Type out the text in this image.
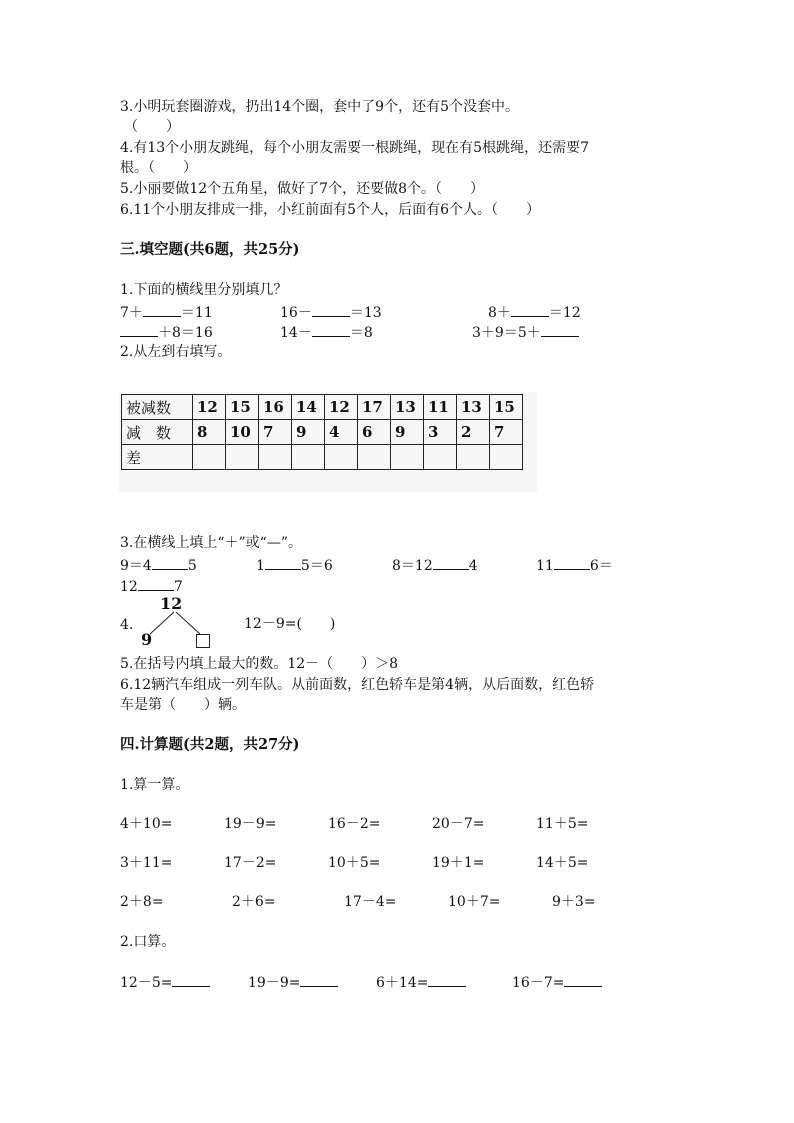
3.小明玩套圈游戏，扔出14个圈，套中了9个，还有5个没套中。
（　　）
4.有13个小朋友跳绳，每个小朋友需要一根跳绳，现在有5根跳绳，还需要7
根。（　　）
5.小丽要做12个五角星，做好了7个，还要做8个。（　　）
6.11个小朋友排成一排，小红前面有5个人，后面有6个人。（　　）
三.填空题(共6题，共25分)
1.下面的横线里分别填几？
7＋	＝11	16－	＝13	8＋	＝12
＋8＝16	14－	＝8	3＋9＝5＋
2.从左到右填写。
被减数	12	15	16	14	12	17	13	11	13	15
减　数	8	10	7	9	4	6	9	3	2	7
差										
3.在横线上填上“＋”或“—”。
9＝4	5	1	5＝6	8＝12	4	11	6＝
12	7
4.
12
9
12－9=(　　)
5.在括号内填上最大的数。12－（　　）＞8
6.12辆汽车组成一列车队。从前面数，红色轿车是第4辆，从后面数，红色轿
车是第（　　）辆。
四.计算题(共2题，共27分)
1.算一算。
4＋10=	19－9=	16－2=	20－7=	11＋5=
3＋11=	17－2=	10＋5=	19＋1=	14＋5=
2＋8=	2＋6=	17－4=	10＋7=	9＋3=
2.口算。
12－5=	19－9=	6＋14=	16－7=
